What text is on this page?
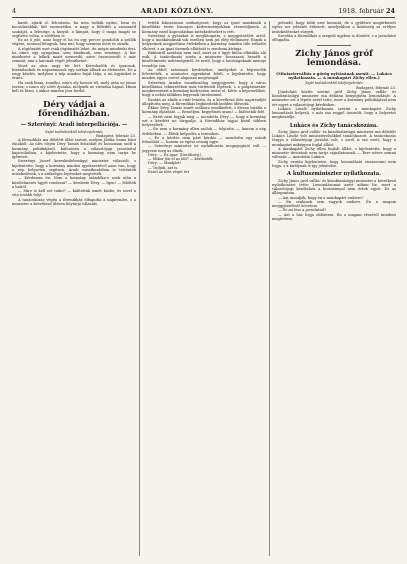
4	ARADI KÖZLÖNY.	1918. február 24

karót, ajtaik sl. felcsúszta, ha nem tudták nyitni, lovai és kocsidarabkái, két szomszédos, a nagy, a fülledés a szomszéd szobáját, a felesége, a kutyát, a lámpát, hogy ő maga magát se segítette volna, a sötétben is.

Ez az ő jele, azaz hogy el ha én egy percre gondolok a szülők végére, azonnal felugrok, hisz mit, hogy szemem mért és sírnék.

A rögtönzött eset csak rögtönzött lehet, de mégis mindenki érzi, ha nincs egy nyugalma, sem bizalmuk, sem reménye. A kor mindezért a lelkek miatt szenvedő, szíve összeszorult s már semmit, ami a harcnak végét jelenthetné.

Most az utca nagy tér lett. Kereskedők és iparosok, hivatalnokok és napszámosok egy sorban állnak az élelemért. De a nagy kérdés, melyben a nép minden baját látja, a mi ügyünket is érinti.

Ha csak hinni, remélni, nincs oly hosszú tél, mely után ne jönne tavasz; s nincs oly sötét éjszaka, melynek ne virradna hajnal. Hinni kell és bízni, s akkor minden jóra fordul.

Déry vádjai a főrendiházban.
— Szterényi: Aradi interpellációja. —
Saját tudósítónktól telefonjelentés
Budapest, február 23.

A főrendiház ma délelőtt ülést tartott, melyen Jósika Samu báró elnökölt. Az ülés elején Déry Tamás felszólalt és hosszasan szólt a kormány politikájáról, különösen a választójogi javaslattal kapcsolatban, s kijelentette, hogy a kormány nem tartja be ígéreteit.

Szterényi József kereskedelemügyi miniszter válaszolt, s kijelentette, hogy a kormány minden igyekezetével azon van, hogy a nép helyzetén segítsen. Aradi vonatkozásban is történtek intézkedések, s a szükséges lépéseket megtették.

— Kérdezem én: Nem a kormány szándéka-e ezek után a közélelmezés ügyét rendezni? — kérdezte Déry. — Igen! — felelték a balról.

— Mire is kell ezt tudni? — kiáltották ismét közbe, és ezzel a vita tovább folyt.

A tanácskozás végén a főrendiház elfogadta a napirendet, s a miniszter a következő ülésen folytatja válaszát.

tették fokozatosan szükségessé, hogy az ipari munkások a közellátás terén bizonyos kedvezményekben részesüljenek. A kormány ezzel kapcsolatban intézkedéseket is tett.

Szterényi a gyárakat is meglátogatta, s meggyőződött arról, hogy a munkásoknak sok esetben nem jut elég élelmiszer. Ennek a helyzetnek megjavítása érdekében a kormány minden tőle telhetőt elkövet, s az ipari üzemek ellátását is rendezni kívánja.

Rákosiról azonban nem szól, mert az ő ügye külön elbírálás alá esik. A tanácskozás során a miniszter hosszasan beszélt a közélelmezés nehézségeiről, és arról, hogy a hatóságoknak mennyi teendője van.

Az ebből származó kérdésekre, amelyeket a képviselők felvetettek, a miniszter egyenként felelt, s kijelentette, hogy minden egyes esetet alaposan megvizsgál.

Szterényi Aradra vonatkozólag megjegyezte, hogy a város közellátása tekintetében már történtek lépések, s a polgármester megkereséseit a kormány kedvezően intézi el. Kérte a képviselőket, hogy a nehéz időkben legyenek türelemmel.

Ezután az elnök a vitát lezárta, és a következő ülés napirendjét állapította meg. A főrendiház legközelebb kedden ülésezik.

Ekkor Déry Tamás ismét szólásra emelkedett, s élesen bírálta a kormány eljárását. — Beszéljen, kegyelmes uram! — kiáltották felé.

— Ezért nem fogjuk meg — mondotta Déry —, hogy a kormány ezt a kérdést ne tárgyalja. A főrendiház tagjai közül többen helyeseltek.

— Én nem a kormány ellen szólok — folytatta —, hanem a nép érdekében. — Élénk helyeslés a teremben.

— Ez a kérdés nem párt kérdés — mondotta egy másik felszólaló —, hanem az egész ország ügye.

— Szterényi miniszter úr nyilatkozata megnyugtató volt — jegyezte meg az elnök.

Déry: — Ez igaz! (Derültség.)

— Mikor jön el az idő? — kérdezték.

Déry: — Mindjárt!

— Tudjuk, azt is.

Ezzel az ülés véget ért.

pelendő, hogy több ezer koronát, de a gyűlésre megérkezett egész sor jelentés érkezett, amelyekben a közönség az erélyes intézkedéseket sürgeti.

Szerdán a főrendiház a szegedi ügyben is döntött, s a javaslatot elfogadta.

Zichy János gróf lemondása.
(Miniszterváltás a görög nyitásának menti. — Lukács nyilatkozata. — A munkapárt Zichy ellen.)
Saját tudósítónktól telefonjelentés
Budapest, február 23.

Jóindulatú közlés szerint gróf Zichy János vallás- és közoktatásügyi miniszter ma délután benyújtotta lemondását. A miniszter ezt a lépést azért tette, mert a kormány politikájával nem ért egyet a választójogi kérdésben.

Lukács László nyilatkozata szerint a munkapárt Zichy lemondását helyesli, s már ma reggel összeült, hogy a helyzetet megbeszélje.

Lukács és Zichy tanácskozása.

Zichy János gróf vallás- és közoktatásügyi miniszter ma délelőtt Lukács László volt miniszterelnökkel tanácskozott. A tanácskozás tárgya a választójogi javaslat volt, s arról is szó esett, hogy a munkapárt miképpen foglal állást.

A munkapárt Zichy ellen foglalt állást, s kijelentette, hogy a miniszter távozását nem tartja sajnálatosnak. — Erre nézve semmi változás — mondotta Lukács.

Zichy ezután kijelentette, hogy lemondását visszavonni nem fogja, s a királynak is így jelentette.

A kultuszminiszter nyilatkozata.

Zichy János gróf vallás- és közoktatásügyi miniszter a következő nyilatkozatot tette: Lemondásomat azért adtam be, mert a választójogi kérdésben a kormánnyal nem értek egyet. Ez az álláspontom.

— Azt mondják, hogy ön a munkapárt embere?

— Én senkinek sem vagyok embere. Én a magam meggyőződését követem.

— És mi lesz a javaslattal?

— Azt a ház fogja eldönteni. Én a magam részéről mindent megtettem.
